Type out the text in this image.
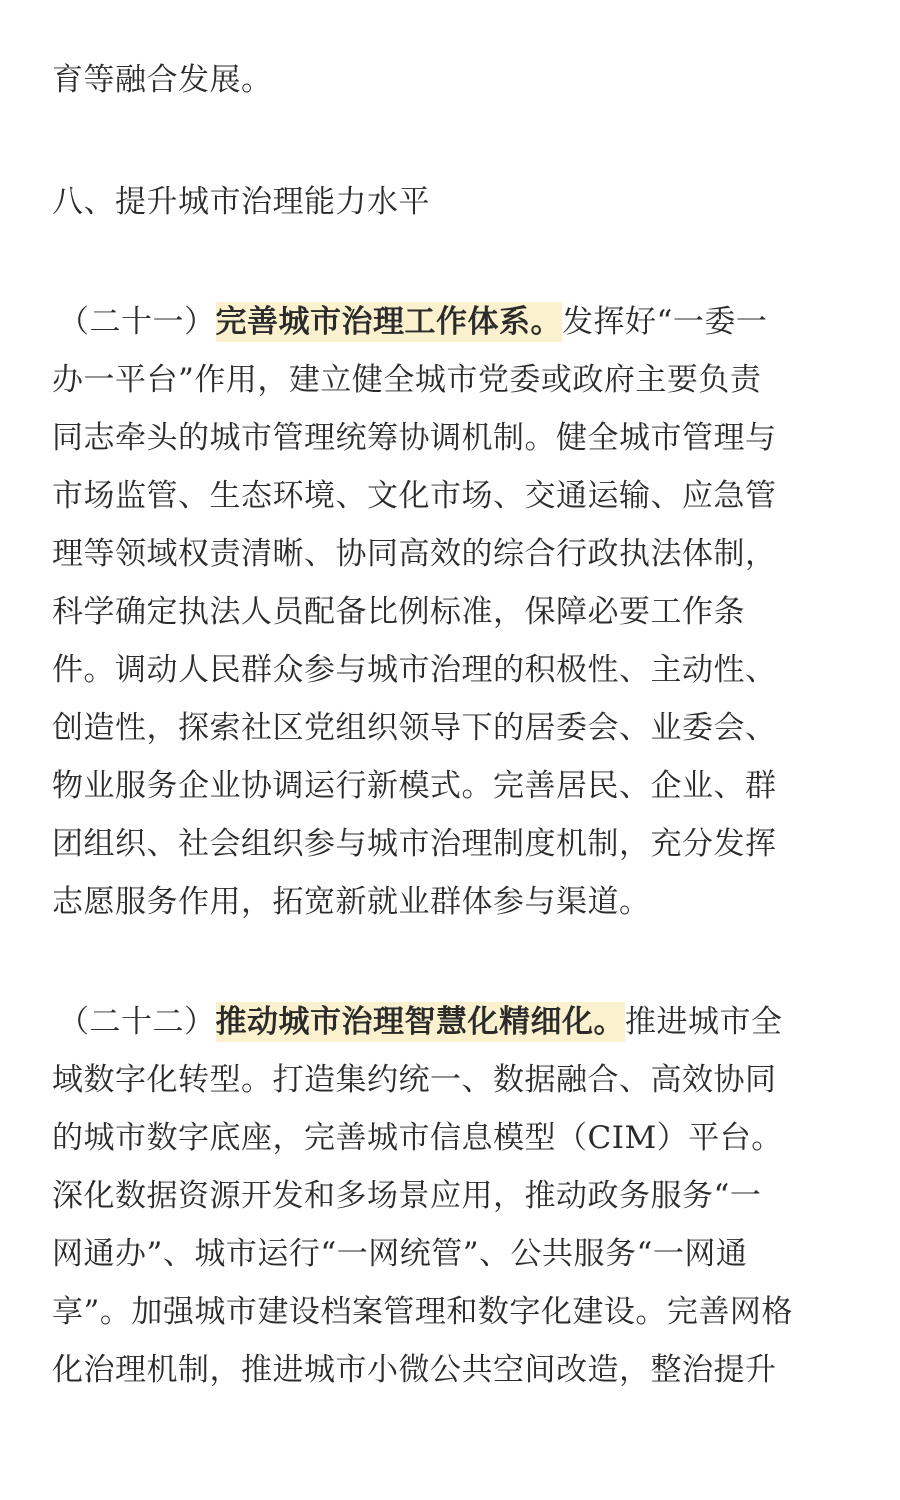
育等融合发展。
八、提升城市治理能力水平
（二十一）完善城市治理工作体系。发挥好“一委一
办一平台”作用，建立健全城市党委或政府主要负责
同志牵头的城市管理统筹协调机制。健全城市管理与
市场监管、生态环境、文化市场、交通运输、应急管
理等领域权责清晰、协同高效的综合行政执法体制，
科学确定执法人员配备比例标准，保障必要工作条
件。调动人民群众参与城市治理的积极性、主动性、
创造性，探索社区党组织领导下的居委会、业委会、
物业服务企业协调运行新模式。完善居民、企业、群
团组织、社会组织参与城市治理制度机制，充分发挥
志愿服务作用，拓宽新就业群体参与渠道。
（二十二）推动城市治理智慧化精细化。推进城市全
域数字化转型。打造集约统一、数据融合、高效协同
的城市数字底座，完善城市信息模型（CIM）平台。
深化数据资源开发和多场景应用，推动政务服务“一
网通办”、城市运行“一网统管”、公共服务“一网通
享”。加强城市建设档案管理和数字化建设。完善网格
化治理机制，推进城市小微公共空间改造，整治提升
